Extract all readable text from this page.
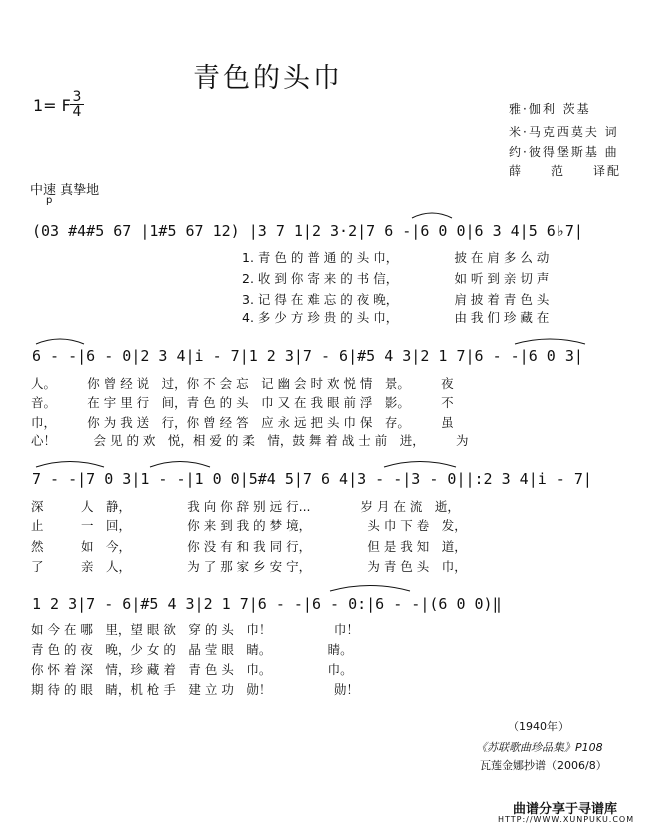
青色的头巾
1= F 3
4	雅·伽利 茨基
米·马克西莫夫 词
约·彼得堡斯基 曲
薛　　范　　译配
中速 真挚地
p
(03 #4#5 67 |1#5 67 12) |3 7 1|2 3·2|7 6 -|6 0 0|6 3 4|5 6♭7|
1. 青 色 的 普 通 的 头 巾，　　　　　披 在 肩 多 么 动
2. 收 到 你 寄 来 的 书 信，　　　　　如 听 到 亲 切 声
3. 记 得 在 难 忘 的 夜 晚，　　　　　肩 披 着 青 色 头
4. 多 少 方 珍 贵 的 头 巾，　　　　　由 我 们 珍 藏 在
6 - -|6 - 0|2 3 4|i - 7|1 2 3|7 - 6|#5 4 3|2 1 7|6 - -|6 0 3|
人。　　　你 曾 经 说　过，你 不 会 忘　记 幽 会 时 欢 悦 情　景。　　　夜
音。　　　在 宇 里 行　间，青 色 的 头　巾 又 在 我 眼 前 浮　影。　　　不
巾，　　　你 为 我 送　行，你 曾 经 答　应 永 远 把 头 巾 保　存。　　　虽
心！　　　会 见 的 欢　悦，相 爱 的 柔　情，鼓 舞 着 战 士 前　进，　　　为
7 - -|7 0 3|1 - -|1 0 0|5#4 5|7 6 4|3 - -|3 - 0||:2 3 4|i - 7|
深　　　人　静，　　　　　我 向 你 辞 别 远 行...　　　　岁 月 在 流　逝，
止　　　一　回，　　　　　你 来 到 我 的 梦 境，　　　　　头 巾 下 卷　发，
然　　　如　今，　　　　　你 没 有 和 我 同 行，　　　　　但 是 我 知　道，
了　　　亲　人，　　　　　为 了 那 家 乡 安 宁，　　　　　为 青 色 头　巾，
1 2 3|7 - 6|#5 4 3|2 1 7|6 - -|6 - 0:|6 - -|(6 0 0)‖
如 今 在 哪　里，望 眼 欲　穿 的 头　巾！　　　　　巾！
青 色 的 夜　晚，少 女 的　晶 莹 眼　睛。　　　　　睛。
你 怀 着 深　情，珍 藏 着　青 色 头　巾。　　　　　巾。
期 待 的 眼　睛，机 枪 手　建 立 功　勋！　　　　　勋！
（1940年）
《苏联歌曲珍品集》P108
瓦莲金娜抄谱（2006/8）
曲谱分享于寻谱库
HTTP://WWW.XUNPUKU.COM
